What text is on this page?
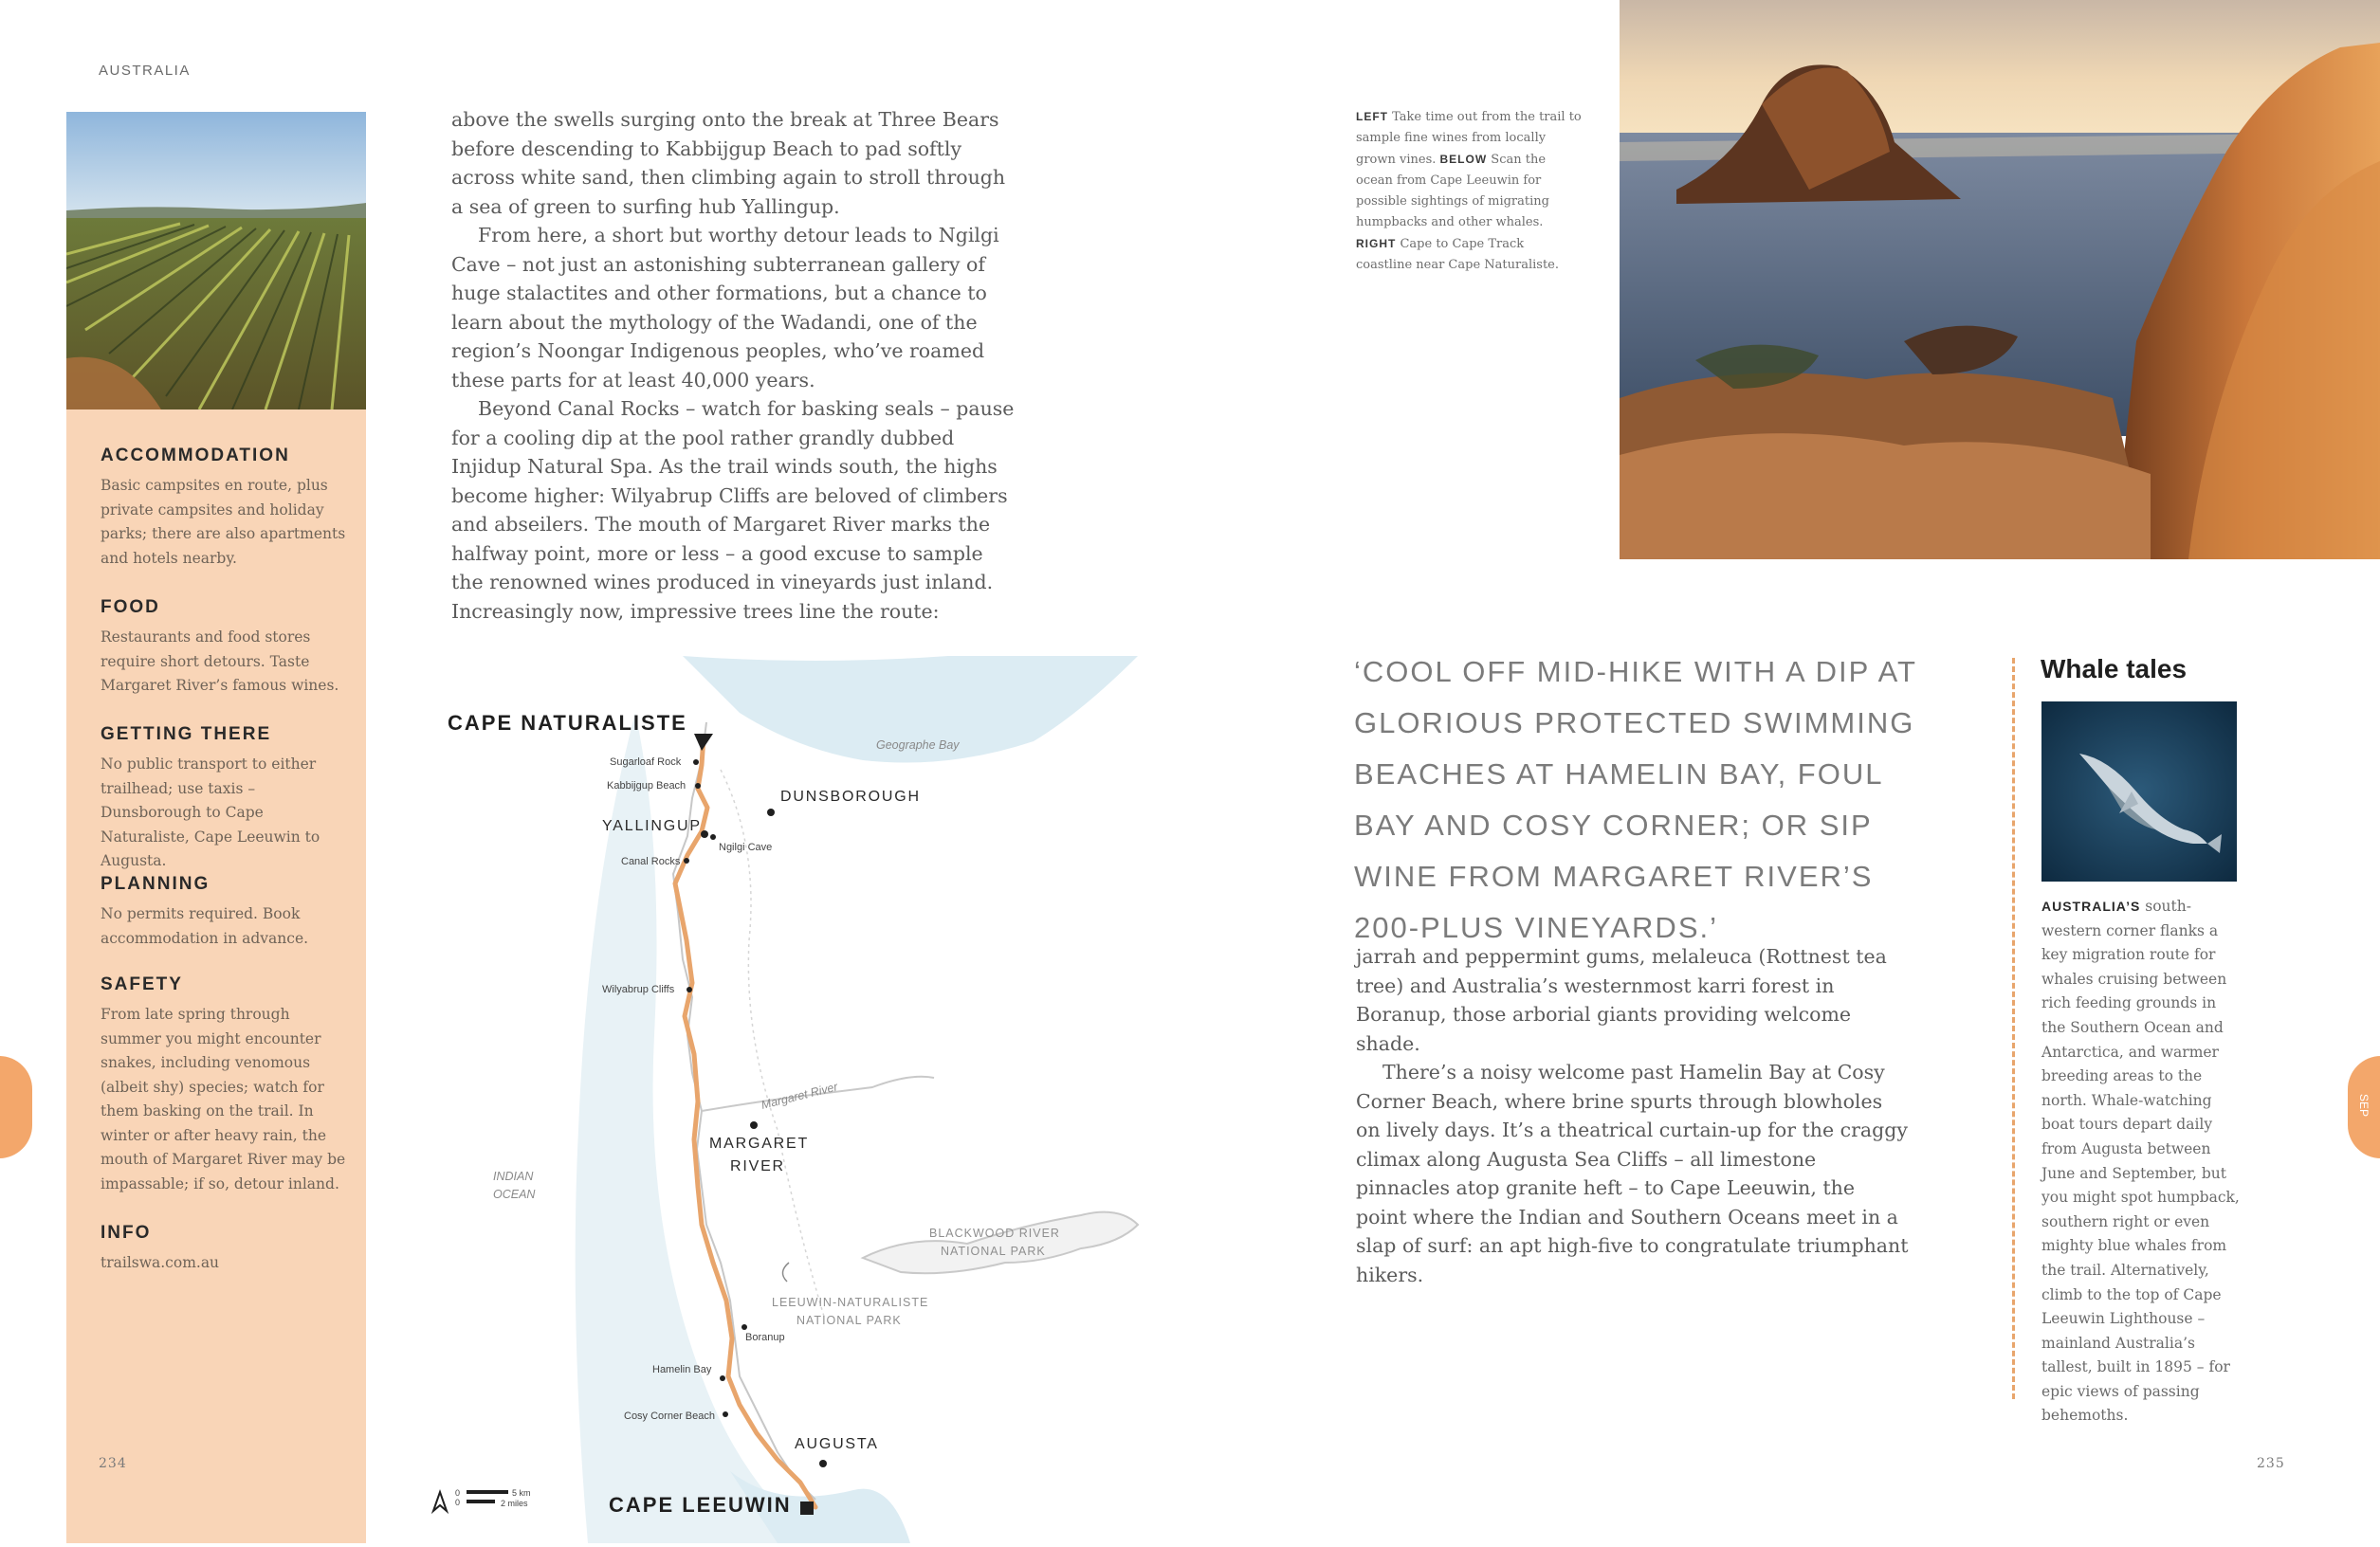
AUSTRALIA

ACCOMMODATION

Basic campsites en route, plus private campsites and holiday parks; there are also apartments and hotels nearby.

FOOD

Restaurants and food stores require short detours. Taste Margaret River’s famous wines.

GETTING THERE

No public transport to either trailhead; use taxis – Dunsborough to Cape Naturaliste, Cape Leeuwin to Augusta.

PLANNING

No permits required. Book accommodation in advance.

SAFETY

From late spring through summer you might encounter snakes, including venomous (albeit shy) species; watch for them basking on the trail. In winter or after heavy rain, the mouth of Margaret River may be impassable; if so, detour inland.

INFO

trailswa.com.au

above the swells surging onto the break at Three Bears before descending to Kabbijgup Beach to pad softly across white sand, then climbing again to stroll through a sea of green to surfing hub Yallingup.

From here, a short but worthy detour leads to Ngilgi Cave – not just an astonishing subterranean gallery of huge stalactites and other formations, but a chance to learn about the mythology of the Wadandi, one of the region’s Noongar Indigenous peoples, who’ve roamed these parts for at least 40,000 years.

Beyond Canal Rocks – watch for basking seals – pause for a cooling dip at the pool rather grandly dubbed Injidup Natural Spa. As the trail winds south, the highs become higher: Wilyabrup Cliffs are beloved of climbers and abseilers. The mouth of Margaret River marks the halfway point, more or less – a good excuse to sample the renowned wines produced in vineyards just inland. Increasingly now, impressive trees line the route:

LEFT Take time out from the trail to sample fine wines from locally grown vines. BELOW Scan the ocean from Cape Leeuwin for possible sightings of migrating humpbacks and other whales. RIGHT Cape to Cape Track coastline near Cape Naturaliste.
‘COOL OFF MID-HIKE WITH A DIP AT GLORIOUS PROTECTED SWIMMING BEACHES AT HAMELIN BAY, FOUL BAY AND COSY CORNER; OR SIP WINE FROM MARGARET RIVER’S 200-PLUS VINEYARDS.’

jarrah and peppermint gums, melaleuca (Rottnest tea tree) and Australia’s westernmost karri forest in Boranup, those arborial giants providing welcome shade.

There’s a noisy welcome past Hamelin Bay at Cosy Corner Beach, where brine spurts through blowholes on lively days. It’s a theatrical curtain-up for the craggy climax along Augusta Sea Cliffs – all limestone pinnacles atop granite heft – to Cape Leeuwin, the point where the Indian and Southern Oceans meet in a slap of surf: an apt high-five to congratulate triumphant hikers.

Whale tales
AUSTRALIA’S south-western corner flanks a key migration route for whales cruising between rich feeding grounds in the Southern Ocean and Antarctica, and warmer breeding areas to the north. Whale-watching boat tours depart daily from Augusta between June and September, but you might spot humpback, southern right or even mighty blue whales from the trail. Alternatively, climb to the top of Cape Leeuwin Lighthouse – mainland Australia’s tallest, built in 1895 – for epic views of passing behemoths.
234	235
SEP
CAPE NATURALISTE
Sugarloaf Rock
Kabbijgup Beach
YALLINGUP
Ngilgi Cave
Canal Rocks
DUNSBOROUGH
Geographe Bay
Wilyabrup Cliffs
Margaret River
MARGARET
RIVER
INDIAN
OCEAN
BLACKWOOD RIVER
NATIONAL PARK
LEEUWIN-NATURALISTE
NATIONAL PARK
Boranup
Hamelin Bay
Cosy Corner Beach
AUGUSTA
CAPE LEEUWIN
0
0
5 km
2 miles
